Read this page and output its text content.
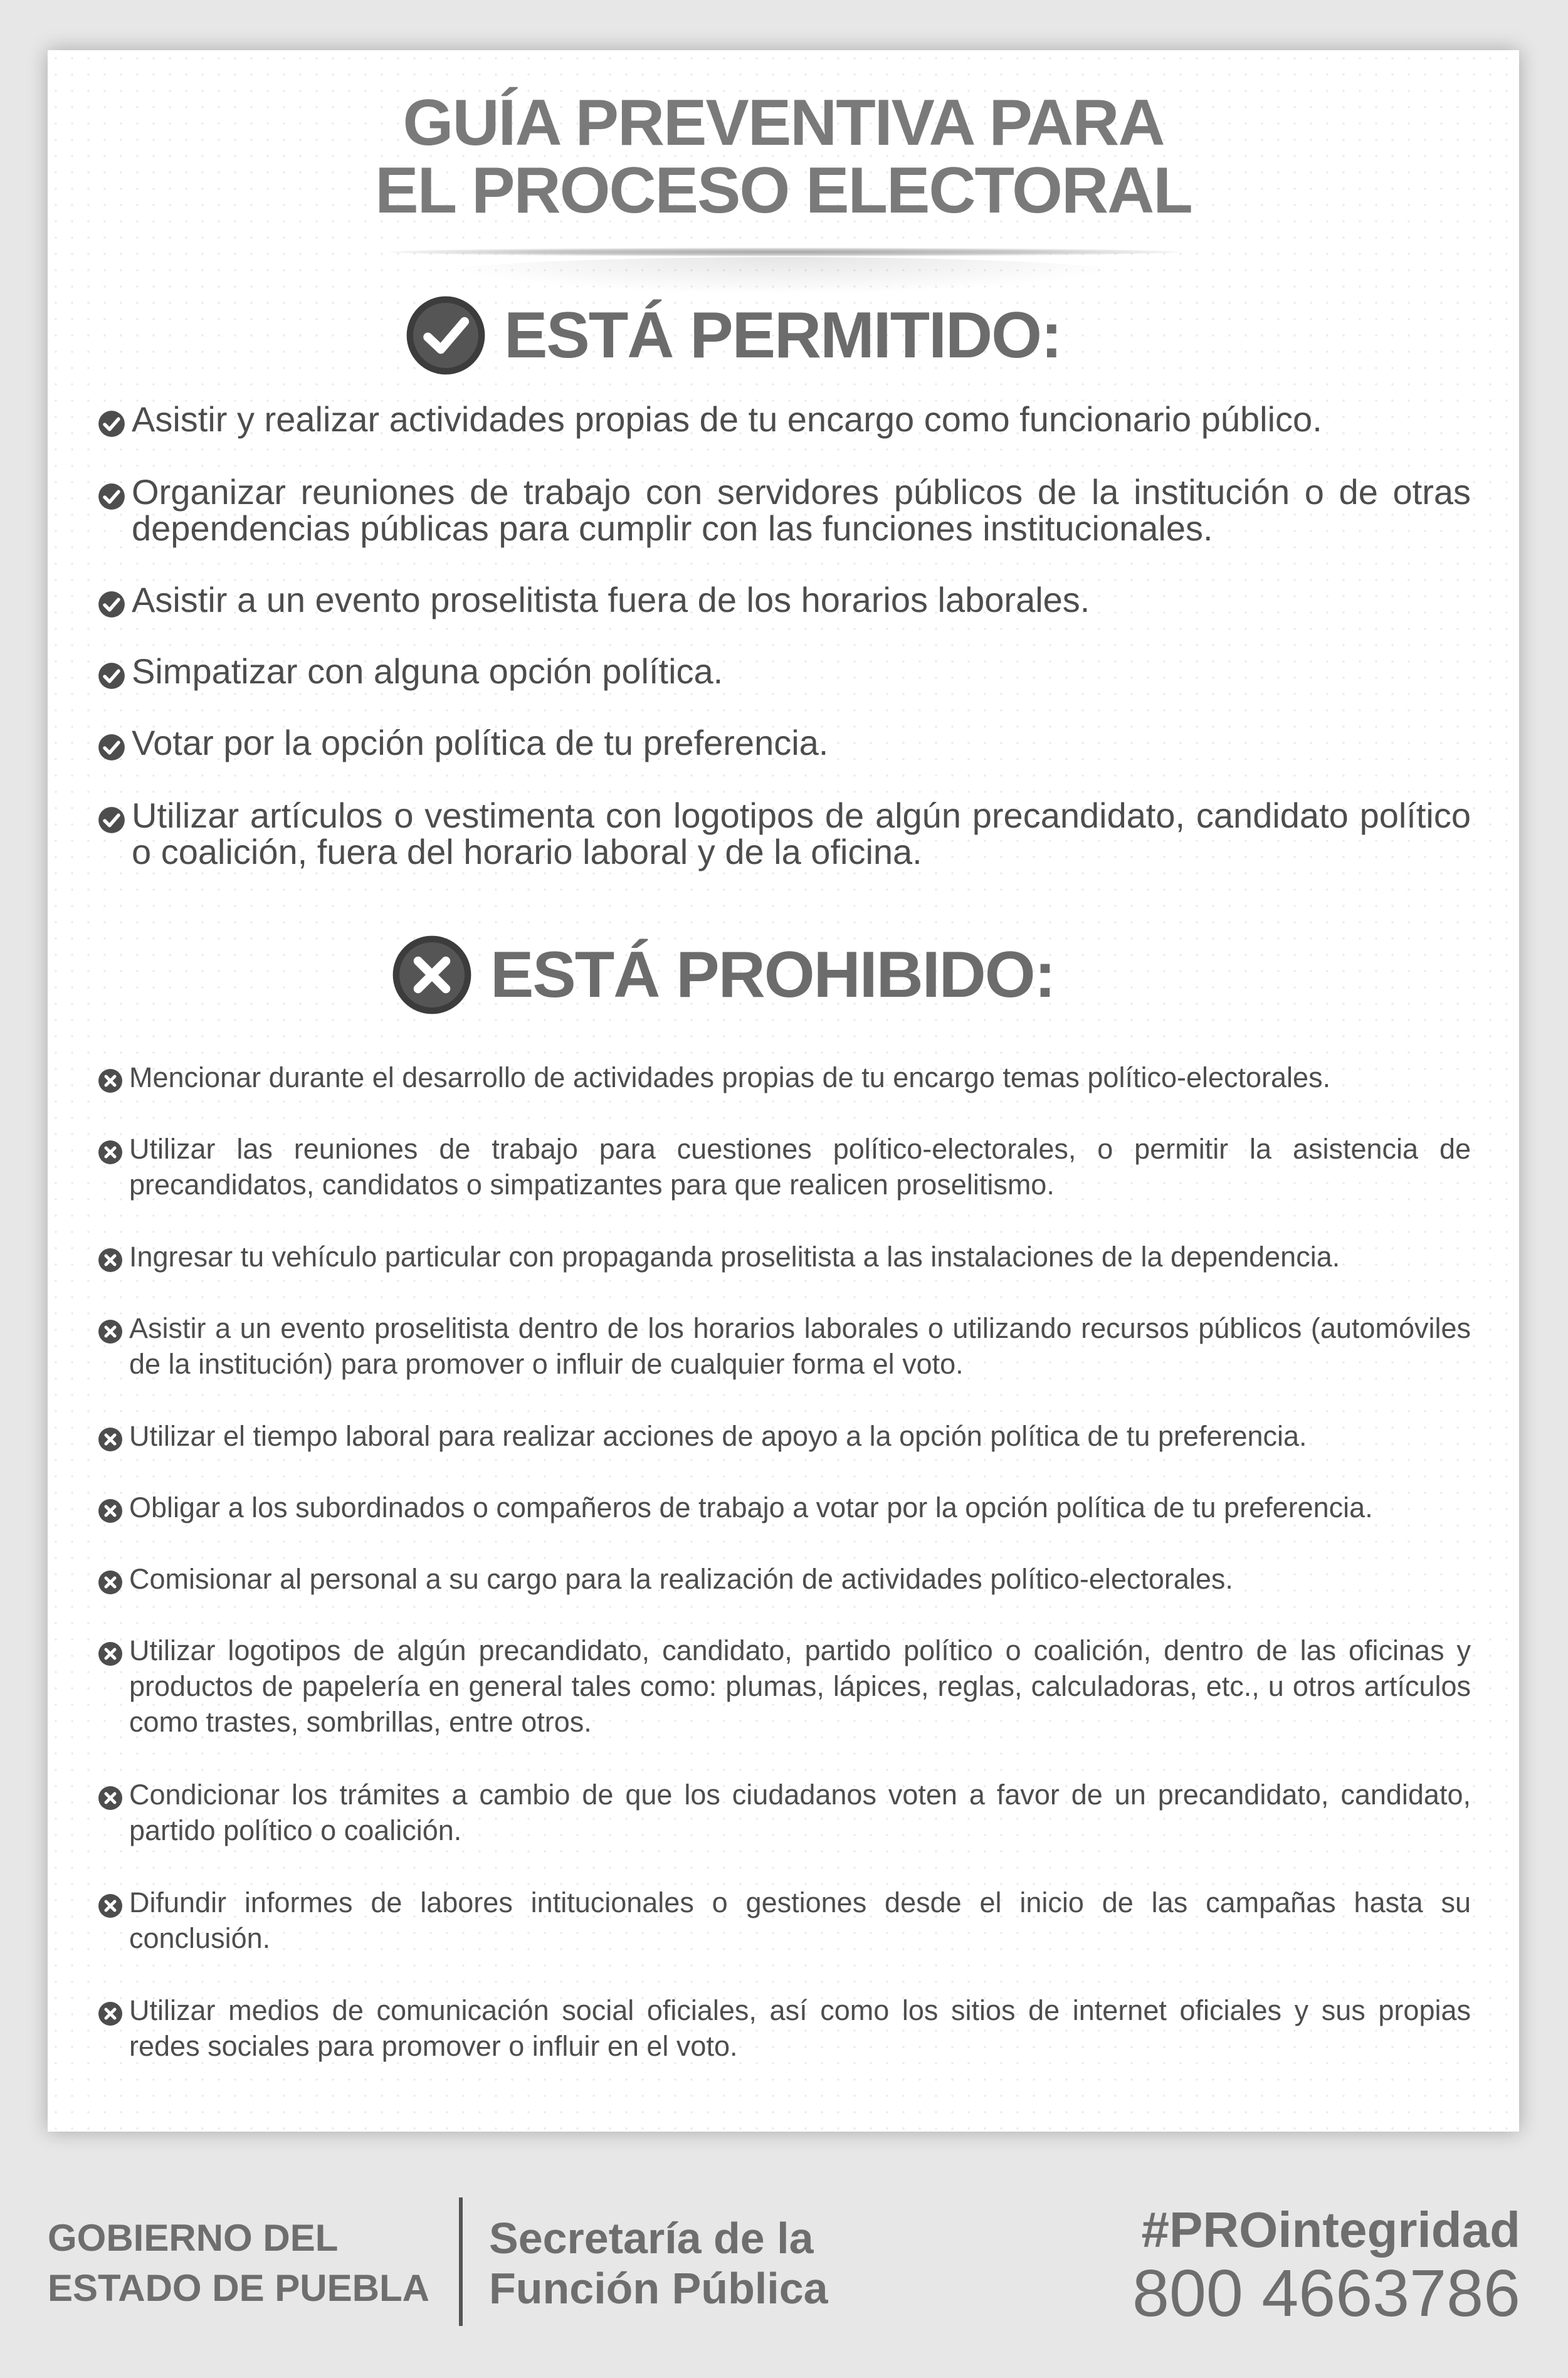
GUÍA PREVENTIVA PARA
EL PROCESO ELECTORAL
ESTÁ PERMITIDO:
Asistir y realizar actividades propias de tu encargo como funcionario público.
Organizar reuniones de trabajo con servidores públicos de la institución o de otras dependencias públicas para cumplir con las funciones institucionales.
Asistir a un evento proselitista fuera de los horarios laborales.
Simpatizar con alguna opción política.
Votar por la opción política de tu preferencia.
Utilizar artículos o vestimenta con logotipos de algún precandidato, candidato político o coalición, fuera del horario laboral y de la oficina.
ESTÁ PROHIBIDO:
Mencionar durante el desarrollo de actividades propias de tu encargo temas político-electorales.
Utilizar las reuniones de trabajo para cuestiones político-electorales, o permitir la asistencia de precandidatos, candidatos o simpatizantes para que realicen proselitismo.
Ingresar tu vehículo particular con propaganda proselitista a las instalaciones de la dependencia.
Asistir a un evento proselitista dentro de los horarios laborales o utilizando recursos públicos (automóviles de la institución) para promover o influir de cualquier forma el voto.
Utilizar el tiempo laboral para realizar acciones de apoyo a la opción política de tu preferencia.
Obligar a los subordinados o compañeros de trabajo a votar por la opción política de tu preferencia.
Comisionar al personal a su cargo para la realización de actividades político-electorales.
Utilizar logotipos de algún precandidato, candidato, partido político o coalición, dentro de las oficinas y productos de papelería en general tales como: plumas, lápices, reglas, calculadoras, etc., u otros artículos como trastes, sombrillas, entre otros.
Condicionar los trámites a cambio de que los ciudadanos voten a favor de un precandidato, candidato, partido político o coalición.
Difundir informes de labores intitucionales o gestiones desde el inicio de las campañas hasta su conclusión.
Utilizar medios de comunicación social oficiales, así como los sitios de internet oficiales y sus propias redes sociales para promover o influir en el voto.
GOBIERNO DEL
ESTADO DE PUEBLA
Secretaría de la
Función Pública
#PROintegridad
800 4663786
